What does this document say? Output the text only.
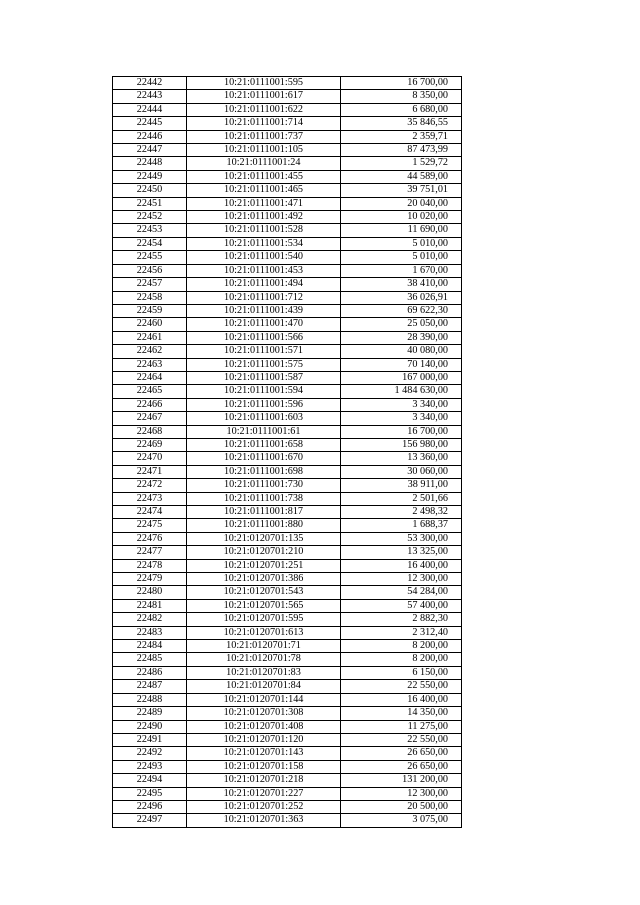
22442	10:21:0111001:595	16 700,00
22443	10:21:0111001:617	8 350,00
22444	10:21:0111001:622	6 680,00
22445	10:21:0111001:714	35 846,55
22446	10:21:0111001:737	2 359,71
22447	10:21:0111001:105	87 473,99
22448	10:21:0111001:24	1 529,72
22449	10:21:0111001:455	44 589,00
22450	10:21:0111001:465	39 751,01
22451	10:21:0111001:471	20 040,00
22452	10:21:0111001:492	10 020,00
22453	10:21:0111001:528	11 690,00
22454	10:21:0111001:534	5 010,00
22455	10:21:0111001:540	5 010,00
22456	10:21:0111001:453	1 670,00
22457	10:21:0111001:494	38 410,00
22458	10:21:0111001:712	36 026,91
22459	10:21:0111001:439	69 622,30
22460	10:21:0111001:470	25 050,00
22461	10:21:0111001:566	28 390,00
22462	10:21:0111001:571	40 080,00
22463	10:21:0111001:575	70 140,00
22464	10:21:0111001:587	167 000,00
22465	10:21:0111001:594	1 484 630,00
22466	10:21:0111001:596	3 340,00
22467	10:21:0111001:603	3 340,00
22468	10:21:0111001:61	16 700,00
22469	10:21:0111001:658	156 980,00
22470	10:21:0111001:670	13 360,00
22471	10:21:0111001:698	30 060,00
22472	10:21:0111001:730	38 911,00
22473	10:21:0111001:738	2 501,66
22474	10:21:0111001:817	2 498,32
22475	10:21:0111001:880	1 688,37
22476	10:21:0120701:135	53 300,00
22477	10:21:0120701:210	13 325,00
22478	10:21:0120701:251	16 400,00
22479	10:21:0120701:386	12 300,00
22480	10:21:0120701:543	54 284,00
22481	10:21:0120701:565	57 400,00
22482	10:21:0120701:595	2 882,30
22483	10:21:0120701:613	2 312,40
22484	10:21:0120701:71	8 200,00
22485	10:21:0120701:78	8 200,00
22486	10:21:0120701:83	6 150,00
22487	10:21:0120701:84	22 550,00
22488	10:21:0120701:144	16 400,00
22489	10:21:0120701:308	14 350,00
22490	10:21:0120701:408	11 275,00
22491	10:21:0120701:120	22 550,00
22492	10:21:0120701:143	26 650,00
22493	10:21:0120701:158	26 650,00
22494	10:21:0120701:218	131 200,00
22495	10:21:0120701:227	12 300,00
22496	10:21:0120701:252	20 500,00
22497	10:21:0120701:363	3 075,00
